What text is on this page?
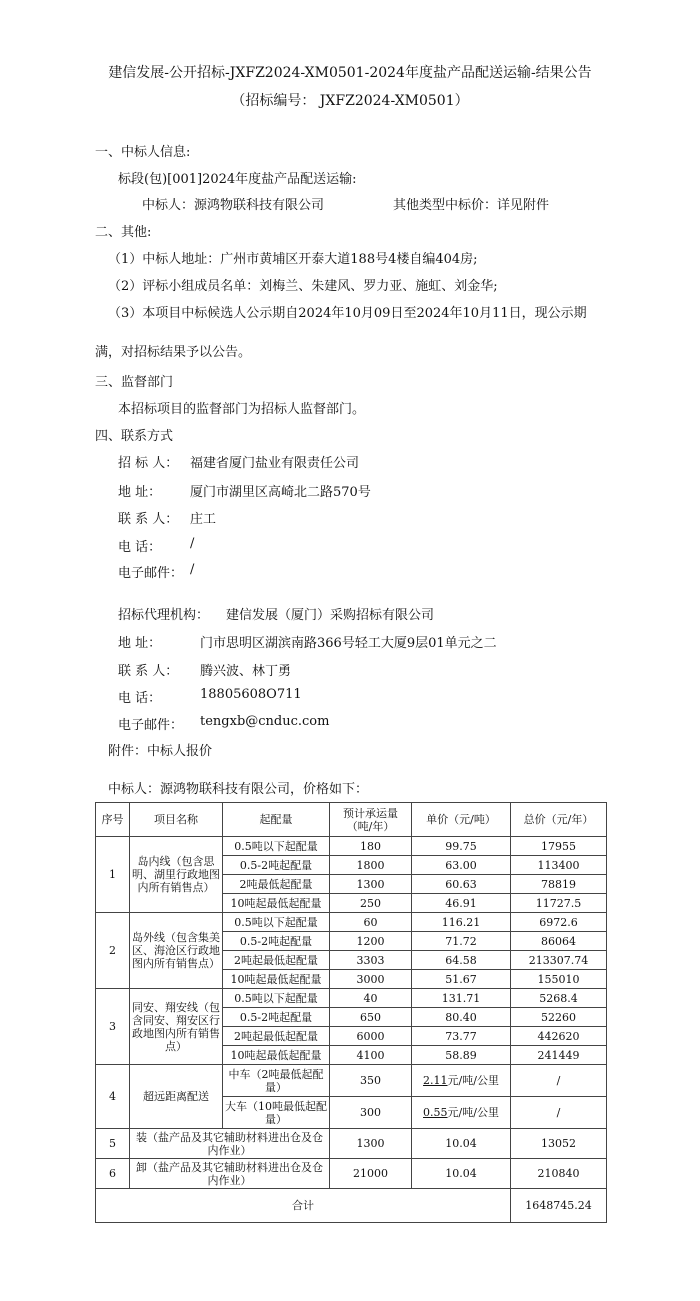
建信发展-公开招标-JXFZ2024-XM0501-2024年度盐产品配送运输-结果公告
（招标编号： JXFZ2024-XM0501）
一、中标人信息:
标段(包)[001]2024年度盐产品配送运输:
中标人：源鸿物联科技有限公司	其他类型中标价：详见附件
二、其他:
（1）中标人地址：广州市黄埔区开泰大道188号4楼自编404房;
（2）评标小组成员名单：刘梅兰、朱建风、罗力亚、施虹、刘金华;
（3）本项目中标候选人公示期自2024年10月09日至2024年10月11日，现公示期
满，对招标结果予以公告。
三、监督部门
本招标项目的监督部门为招标人监督部门。
四、联系方式
招 标 人： 福建省厦门盐业有限责任公司
地 址： 厦门市湖里区高崎北二路570号
联 系 人： 庄工
电 话： /
电子邮件： /
招标代理机构： 建信发展（厦门）采购招标有限公司
地 址：	门市思明区湖滨南路366号轻工大厦9层01单元之二
联 系 人： 腾兴波、林丁勇
电 话：	18805608O711
电子邮件： tengxb@cnduc.com
附件：中标人报价
中标人：源鸿物联科技有限公司，价格如下：
序号	项目名称	起配量	预计承运量（吨/年）	单价（元/吨）	总价（元/年）
1	岛内线（包含思明、湖里行政地图内所有销售点）	0.5吨以下起配量	180	99.75	17955
		0.5-2吨起配量	1800	63.00	113400
		2吨最低起配量	1300	60.63	78819
		10吨起最低起配量	250	46.91	11727.5
2	岛外线（包含集美区、海沧区行政地图内所有销售点）	0.5吨以下起配量	60	116.21	6972.6
		0.5-2吨起配量	1200	71.72	86064
		2吨起最低起配量	3303	64.58	213307.74
		10吨起最低起配量	3000	51.67	155010
3	同安、翔安线（包含同安、翔安区行政地图内所有销售点）	0.5吨以下起配量	40	131.71	5268.4
		0.5-2吨起配量	650	80.40	52260
		2吨起最低起配量	6000	73.77	442620
		10吨起最低起配量	4100	58.89	241449
4	超远距离配送	中车（2吨最低起配量）	350	2.11元/吨/公里	/
		大车（10吨最低起配量）	300	0.55元/吨/公里	/
5	装（盐产品及其它辅助材料进出仓及仓内作业）		1300	10.04	13052
6	卸（盐产品及其它辅助材料进出仓及仓内作业）		21000	10.04	210840
合计					1648745.24
